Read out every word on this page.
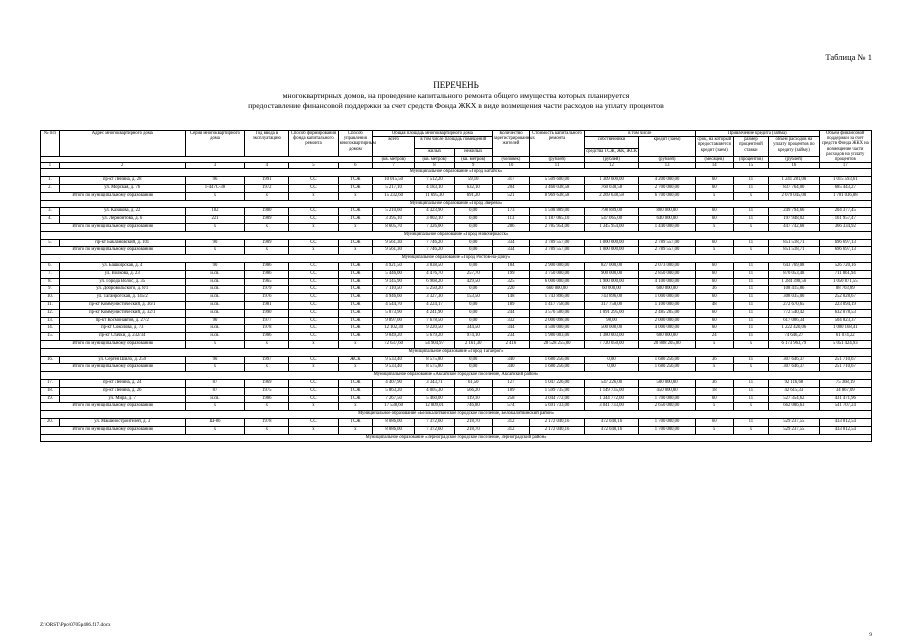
Таблица № 1
ПЕРЕЧЕНЬ
многоквартирных домов, на проведение капитального ремонта общего имущества которых планируется
предоставление финансовой поддержки за счет средств Фонда ЖКХ в виде возмещения части расходов на уплату процентов
№ п/п	Адрес многоквартирного дома	Серия многоквартирного дома	Год ввода в эксплуатацию	Способ формирования фонда капитального ремонта	Способ управления многоквартирным домом	Общая площадь многоквартирного дома			Количество зарегистрированных жителей	Стоимость капитального ремонта	в том числе		Привлечение кредита (займа)			Объем финансовой поддержки за счет средств Фонда ЖКХ на возмещение части расходов на уплату процентов
						всего	в том числе площадь помещений				собственники	кредит (заем)	срок, на который предоставляется кредит (заем)	размер процентной ставки	объем расходов на уплату процентов по кредиту (займу)	
							жилых	нежилых			средства ТСЖ, ЖК, ЖСК					
						(кв. метров)	(кв. метров)	(кв. метров)	(человек)	(рублей)	(рублей)	(рублей)	(месяцев)	(процентов)	(рублей)	
1	2	3	4	5	6	7	8	9	10	11	12	13	14	15	16	17
Муниципальное образование «Город Батайск»																
1.	пр-кт Ленина, д. 28	96	1991	СС	ТСЖ	10 015,50	7 512,20	59,10	317	5 509 600,00	1 309 600,00	4 200 000,00	60	11	1 241 281,08	1 015 593,61
2.	ул. Морская, д. 76	1-447С-38	1972	СС	ТСЖ	5 217,10	4 183,10	632,10	204	3 460 038,58	760 038,58	2 700 000,00	60	11	837 764,00	685 443,27
Итого по муниципальному образованию		x	x	x	x	15 232,60	11 695,30	691,20	521	8 969 638,58	2 269 638,58	6 700 000,00	x	x	2 079 045,08	1 701 036,88
Муниципальное образование «Город Зверево»																
3.	ул. Казакова, д. 22	182	1980	СС	ТСЖ	5 210,60	4 323,90	0,00	173	1 598 889,00	798 889,00	800 000,00	60	11	249 794,66	204 377,45
4.	ул. Лермонтова, д. 6	221	1989	СС	ТСЖ	3 395,10	3 002,10	0,00	113	1 187 065,10	547 065,00	640 000,00	60	11	197 948,02	161 957,47
Итого по муниципальному образованию		x	x	x	x	8 605,70	7 326,00	0,00	286	2 785 954,00	1 345 954,00	1 440 000,00	x	x	447 742,68	366 334,92
Муниципальное образование «Город Новочеркасск»																
5.	пр-кт Баклановский, д. 101	90	1989	СС	ТСЖ	9 561,30	7 746,20	0,00	334	3 789 557,00	1 000 000,00	2 789 557,00	60	11	851 518,71	696 697,13
Итого по муниципальному образованию		x	x	x	x	9 561,30	7 746,20	0,00	334	3 789 557,00	1 000 000,00	2 789 557,00	x	x	851 518,71	696 697,13
Муниципальное образование «Город Ростов-на-Дону»																
6.	ул. Башкирская, д. 4	90	1986	СС	ТСЖ	4 921,50	3 838,50	0,00	184	2 900 000,00	827 000,00	2 073 000,00	60	11	643 769,08	526 720,16
7.	ул. Волкова, д. 23	и.св.	1986	СС	ТСЖ	5 446,00	4 476,70	257,70	199	3 750 000,00	900 000,00	2 850 000,00	60	11	870 053,48	711 861,94
8.	ул. Города Волос, д. 35	и.св.	1965	СС	ТСЖ	9 145,90	6 968,20	429,50	325	6 000 000,00	1 900 000,00	4 100 000,00	60	11	1 284 398,56	1 050 871,55
9.	ул. Добровольского, д. 8/1	и.св.	1979	СС	ТСЖ	7 110,50	5 250,20	0,00	220	660 000,00	60 000,00	600 000,00	36	11	108 415,86	88 703,89
10.	ул. Таганрогская, д. 145/2	и.св.	1976	СС	ТСЖ	4 946,60	3 327,30	153,50	148	1 743 896,00	743 896,00	1 000 000,00	60	11	308 035,00	252 028,67
11.	пр-кт Коммунистический, д. 36/1	и.св.	1981	СС	ТСЖ	4 544,70	4 224,17	0,00	189	1 417 758,00	317 758,00	1 100 000,00	48	11	272 670,65	223 094,19
12.	пр-кт Коммунистический, д. 32/1	и.св.	1990	СС	ТСЖ	5 873,90	4 241,90	0,00	244	3 576 500,00	1 091 295,00	2 485 205,00	60	11	772 540,42	632 078,53
13.	пр-кт Космонавтов, д. 27/2	90	1977	СС	ТСЖ	9 897,00	7 678,50	0,00	332	2 000 098,00	98,00	2 000 000,00	60	11	617 006,34	504 823,37
14.	пр-кт Соколова, д. 73	и.св.	1978	СС	ТСЖ	12 102,30	9 220,50	344,50	344	4 500 000,00	500 000,00	4 000 000,00	60	11	1 222 420,06	1 000 168,41
15.	пр-кт Стачки, д. 232/34	и.св.	1986	СС	ТСЖ	9 049,20	5 679,20	974,10	234	1 980 003,00	1 380 003,00	600 000,00	24	11	74 646,27	61 074,22
Итого по муниципальному образованию		x	x	x	x	72 637,60	54 904,97	2 161,30	2 416	28 528 255,00	7 720 050,00	20 808 205,00	x	x	6 173 963,79	5 051 424,93
Муниципальное образование «Город Таганрог»																
16.	ул. Сергея Шило, д. 259	90	1997	СС	ЖСК	9 533,40	8 575,80	0,00	340	1 680 256,00	0,00	1 680 256,00	36	11	307 646,37	251 710,67
Итого по муниципальному образованию		x	x	x	x	9 533,40	8 575,80	0,00	340	1 680 256,00	0,00	1 680 256,00	x	x	307 646,37	251 710,67
Муниципальное образование «Аксайское городское поселение, Аксайский район»																
17.	пр-кт Ленина, д. 24	87	1969	СС	ТСЖ	4 407,90	3 343,71	61,50	127	1 047 226,00	547 226,00	500 000,00	36	11	92 116,68	75 368,19
18.	пр-кт Ленина, д. 26	87	1975	СС	ТСЖ	5 863,20	4 005,30	566,20	189	1 599 735,00	1 149 735,00	450 000,00	18	11	42 615,33	34 867,09
19.	ул. Мира, д. 7	и.св.	1986	СС	ТСЖ	7 267,50	5 460,00	119,10	258	3 044 772,00	1 344 772,00	1 700 000,00	60	11	527 354,62	431 471,96
Итого по муниципальному образованию		x	x	x	x	17 538,60	12 809,01	746,80	574	5 691 733,00	3 041 733,00	2 650 000,00	x	x	662 086,63	541 707,24
Муниципальное образование «Белокалитвинское городское поселение, Белокалитвинский район»																
20.	ул. Машиностроителей, д. 3	Ш-86	1978	СС	ТСЖ	8 086,00	7 372,60	218,70	312	2 172 040,16	472 040,16	1 700 000,00	60	11	529 237,55	433 012,54
Итого по муниципальному образованию		x	x	x	x	8 086,00	7 372,60	218,70	312	2 172 040,16	472 040,16	1 700 000,00	x	x	529 237,55	433 012,54
Муниципальное образование «Зерноградское городское поселение, Зерноградский район»																
Z:\ORST\Ppo\0705p486.f17.docx
9
